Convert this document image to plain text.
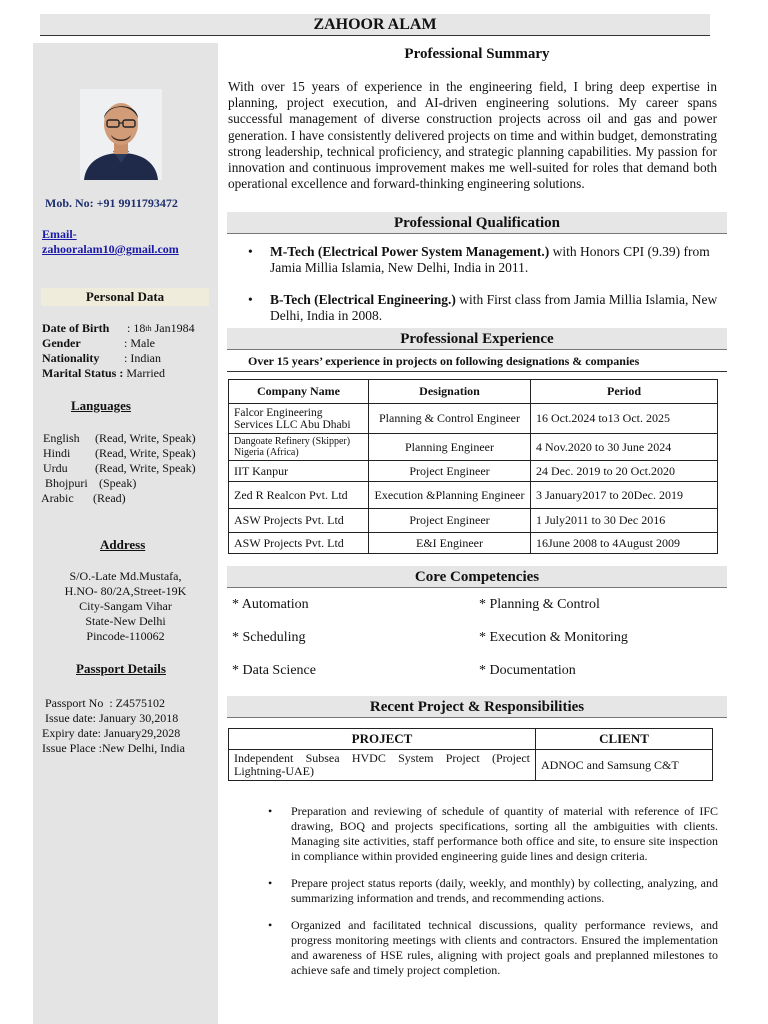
ZAHOOR ALAM
Mob. No: +91 9911793472
Email-
zahooralam10@gmail.com
Personal Data
Date of Birth	: 18 th Jan1984
Gender	: Male
Nationality	: Indian
Marital Status : Married
Languages
English	(Read, Write, Speak)
Hindi	(Read, Write, Speak)
Urdu	(Read, Write, Speak)
Bhojpuri (Speak)
Arabic	(Read)
Address
S/O.-Late Md.Mustafa,
H.NO- 80/2A,Street-19K
City-Sangam Vihar
State-New Delhi
Pincode-110062
Passport Details
Passport No  : Z4575102
Issue date: January 30,2018
Expiry date: January29,2028
Issue Place :New Delhi, India
Professional Summary
With over 15 years of experience in the engineering field, I bring deep expertise in planning, project execution, and AI-driven engineering solutions. My career spans successful management of diverse construction projects across oil and gas and power generation. I have consistently delivered projects on time and within budget, demonstrating strong leadership, technical proficiency, and strategic planning capabilities. My passion for innovation and continuous improvement makes me well-suited for roles that demand both operational excellence and forward-thinking engineering solutions.
Professional Qualification
• M-Tech (Electrical Power System Management.) with Honors CPI (9.39) from Jamia Millia Islamia, New Delhi, India in 2011.
• B-Tech (Electrical Engineering.) with First class from Jamia Millia Islamia, New Delhi, India in 2008.
Professional Experience
Over 15 years’ experience in projects on following designations & companies
Company Name	Designation	Period
Falcor Engineering Services LLC Abu Dhabi	Planning & Control Engineer	16 Oct.2024 to13 Oct. 2025
Dangoate Refinery (Skipper) Nigeria (Africa)	Planning Engineer	4 Nov.2020 to 30 June 2024
IIT Kanpur	Project Engineer	24 Dec. 2019 to 20 Oct.2020
Zed R Realcon Pvt. Ltd	Execution &Planning Engineer	3 January2017 to 20Dec. 2019
ASW Projects Pvt. Ltd	Project Engineer	1 July2011 to 30 Dec 2016
ASW Projects Pvt. Ltd	E&I Engineer	16June 2008 to 4August 2009
Core Competencies
* Automation
* Scheduling
* Data Science
* Planning & Control
* Execution & Monitoring
* Documentation
Recent Project & Responsibilities
PROJECT	CLIENT
Independent Subsea HVDC System Project (Project Lightning-UAE)	ADNOC and Samsung C&T
• Preparation and reviewing of schedule of quantity of material with reference of IFC drawing, BOQ and projects specifications, sorting all the ambiguities with clients. Managing site activities, staff performance both office and site, to ensure site inspection in compliance within provided engineering guide lines and design criteria.
• Prepare project status reports (daily, weekly, and monthly) by collecting, analyzing, and summarizing information and trends, and recommending actions.
• Organized and facilitated technical discussions, quality performance reviews, and progress monitoring meetings with clients and contractors. Ensured the implementation and awareness of HSE rules, aligning with project goals and preplanned milestones to achieve safe and timely project completion.
